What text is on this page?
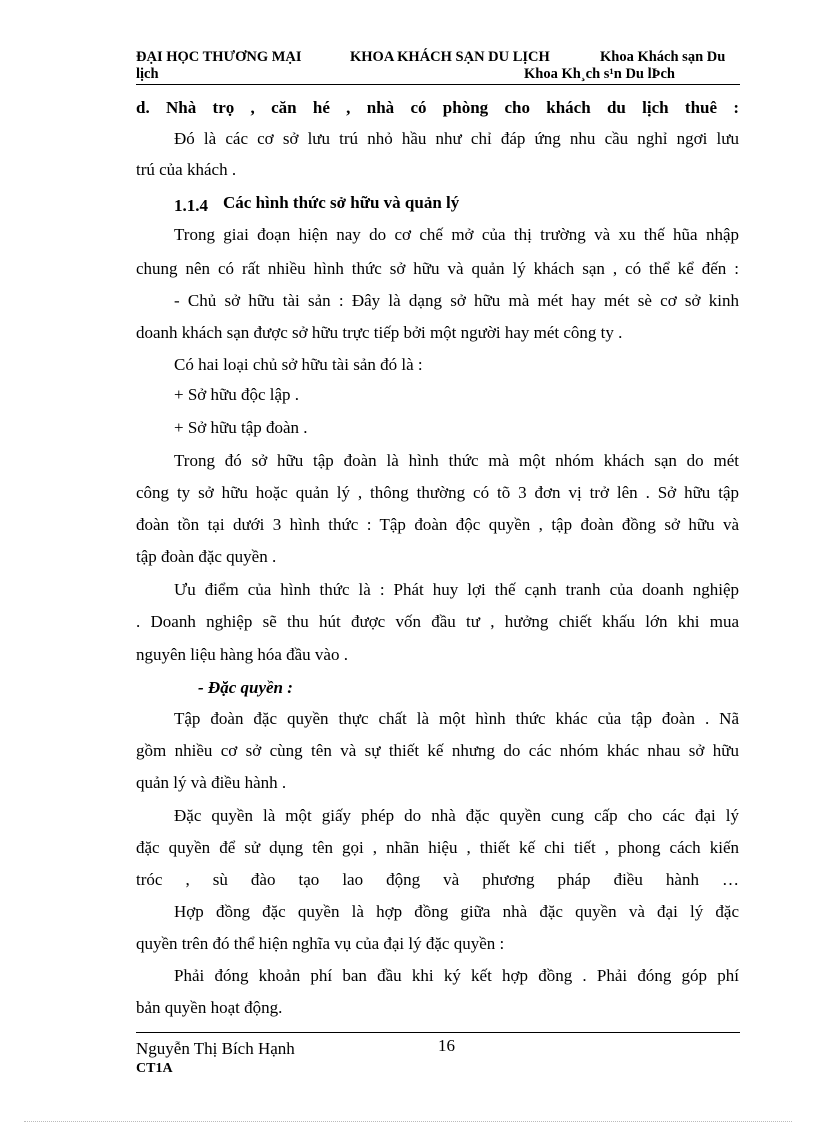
ĐẠI HỌC THƯƠNG MẠI	KHOA KHÁCH SẠN DU LỊCH	Khoa Khách sạn Du
lịch	Khoa Kh¸ch s¹n Du lÞch
d. Nhà trọ , căn hé , nhà có phòng cho khách du lịch thuê :
Đó là các cơ sở lưu trú nhỏ hầu như chỉ đáp ứng nhu cầu nghỉ ngơi lưu
trú của khách .
1.1.4 Các hình thức sở hữu và quản lý
Trong giai đoạn hiện nay do cơ chế mở của thị trường và xu thế hũa nhập
chung nên có rất nhiều hình thức sở hữu và quản lý khách sạn , có thể kể đến :
- Chủ sở hữu tài sản : Đây là dạng sở hữu mà mét hay mét sè cơ sở kinh
doanh khách sạn được sở hữu trực tiếp bởi một người hay mét công ty .
Có hai loại chủ sở hữu tài sản đó là :
+ Sở hữu độc lập .
+ Sở hữu tập đoàn .
Trong đó sở hữu tập đoàn là hình thức mà một nhóm khách sạn do mét
công ty sở hữu hoặc quản lý , thông thường có tõ 3 đơn vị trở lên . Sở hữu tập
đoàn tồn tại dưới 3 hình thức : Tập đoàn độc quyền , tập đoàn đồng sở hữu và
tập đoàn đặc quyền .
Ưu điểm của hình thức là : Phát huy lợi thế cạnh tranh của doanh nghiệp
. Doanh nghiệp sẽ thu hút được vốn đầu tư , hưởng chiết khấu lớn khi mua
nguyên liệu hàng hóa đầu vào .
- Đặc quyền :
Tập đoàn đặc quyền thực chất là một hình thức khác của tập đoàn . Nã
gồm nhiều cơ sở cùng tên và sự thiết kế nhưng do các nhóm khác nhau sở hữu
quản lý và điều hành .
Đặc quyền là một giấy phép do nhà đặc quyền cung cấp cho các đại lý
đặc quyền để sử dụng tên gọi , nhãn hiệu , thiết kế chi tiết , phong cách kiến
tróc , sù đào tạo lao động và phương pháp điều hành …
Hợp đồng đặc quyền là hợp đồng giữa nhà đặc quyền và đại lý đặc
quyền trên đó thể hiện nghĩa vụ của đại lý đặc quyền :
Phải đóng khoản phí ban đầu khi ký kết hợp đồng . Phải đóng góp phí
bản quyền hoạt động.
Nguyễn Thị Bích Hạnh	16
CT1A
